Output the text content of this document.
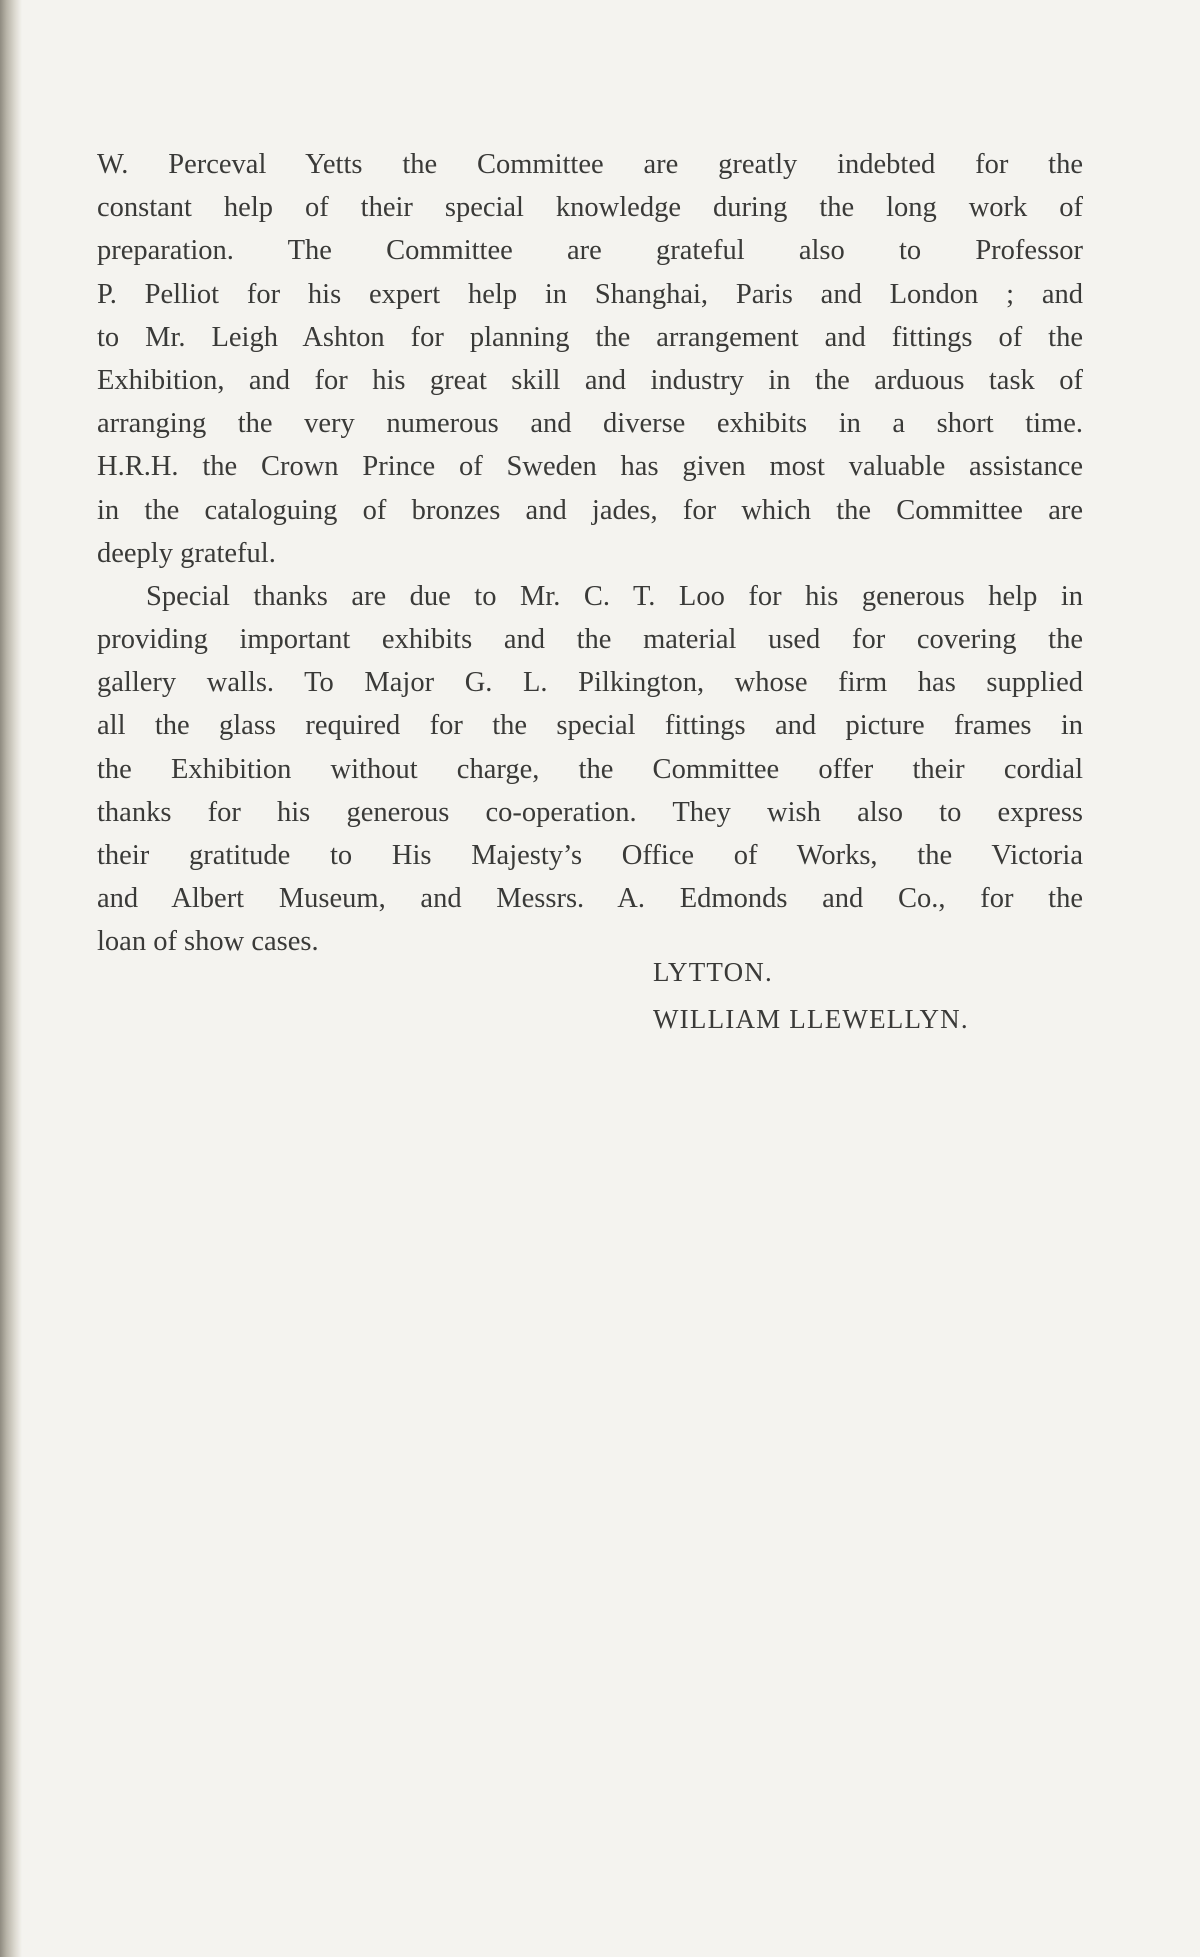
W. Perceval Yetts the Committee are greatly indebted for the
constant help of their special knowledge during the long work of
preparation. The Committee are grateful also to Professor
P. Pelliot for his expert help in Shanghai, Paris and London ; and
to Mr. Leigh Ashton for planning the arrangement and fittings of the
Exhibition, and for his great skill and industry in the arduous task of
arranging the very numerous and diverse exhibits in a short time.
H.R.H. the Crown Prince of Sweden has given most valuable assistance
in the cataloguing of bronzes and jades, for which the Committee are
deeply grateful.
Special thanks are due to Mr. C. T. Loo for his generous help in
providing important exhibits and the material used for covering the
gallery walls. To Major G. L. Pilkington, whose firm has supplied
all the glass required for the special fittings and picture frames in
the Exhibition without charge, the Committee offer their cordial
thanks for his generous co-operation. They wish also to express
their gratitude to His Majesty’s Office of Works, the Victoria
and Albert Museum, and Messrs. A. Edmonds and Co., for the
loan of show cases.
LYTTON.
WILLIAM LLEWELLYN.
